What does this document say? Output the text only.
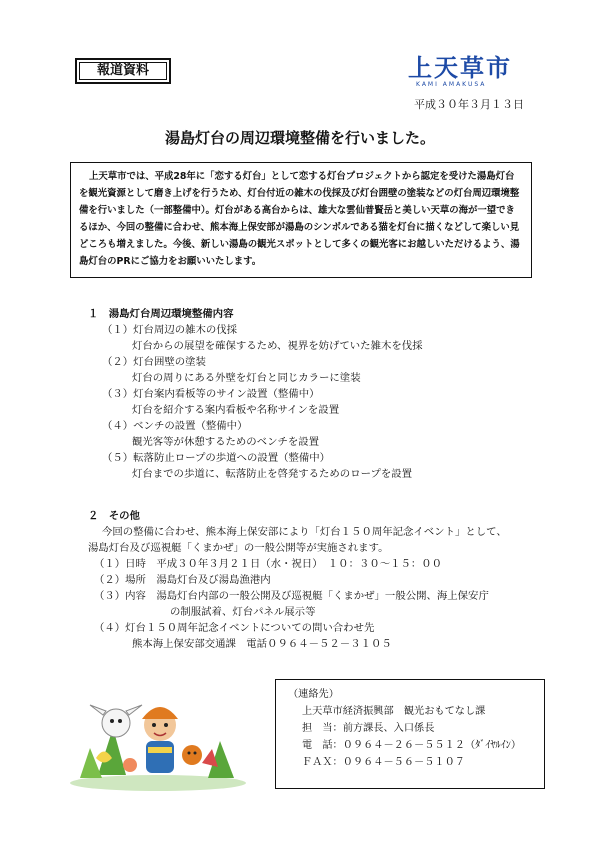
報道資料	上天草市
KAMI AMAKUSA
平成３０年３月１３日
湯島灯台の周辺環境整備を行いました。

上天草市では、平成28年に「恋する灯台」として恋する灯台プロジェクトから認定を受けた湯島灯台を観光資源として磨き上げを行うため、灯台付近の雑木の伐採及び灯台囲壁の塗装などの灯台周辺環境整備を行いました（一部整備中）。灯台がある高台からは、雄大な雲仙普賢岳と美しい天草の海が一望できるほか、今回の整備に合わせ、熊本海上保安部が湯島のシンボルである猫を灯台に描くなどして楽しい見どころも増えました。今後、新しい湯島の観光スポットとして多くの観光客にお越しいただけるよう、湯島灯台のPRにご協力をお願いいたします。

１　湯島灯台周辺環境整備内容

（１）灯台周辺の雑木の伐採

灯台からの展望を確保するため、視界を妨げていた雑木を伐採

（２）灯台囲壁の塗装

灯台の周りにある外壁を灯台と同じカラーに塗装

（３）灯台案内看板等のサイン設置（整備中）

灯台を紹介する案内看板や名称サインを設置

（４）ベンチの設置（整備中）

観光客等が休憩するためのベンチを設置

（５）転落防止ロープの歩道への設置（整備中）

灯台までの歩道に、転落防止を啓発するためのロープを設置

２　その他

今回の整備に合わせ、熊本海上保安部により「灯台１５０周年記念イベント」として、

湯島灯台及び巡視艇「くまかぜ」の一般公開等が実施されます。

（１）日時　平成３０年３月２１日（水・祝日）　１０：３０～１５：００

（２）場所　湯島灯台及び湯島漁港内

（３）内容　湯島灯台内部の一般公開及び巡視艇「くまかぜ」一般公開、海上保安庁

の制服試着、灯台パネル展示等

（４）灯台１５０周年記念イベントについての問い合わせ先

熊本海上保安部交通課　電話０９６４－５２－３１０５

（連絡先）

上天草市経済振興部　観光おもてなし課

担　当：前方課長、入口係長

電　話：０９６４－２６－５５１２（ﾀﾞｲﾔﾙｲﾝ）

ＦＡＸ：０９６４－５６－５１０７
